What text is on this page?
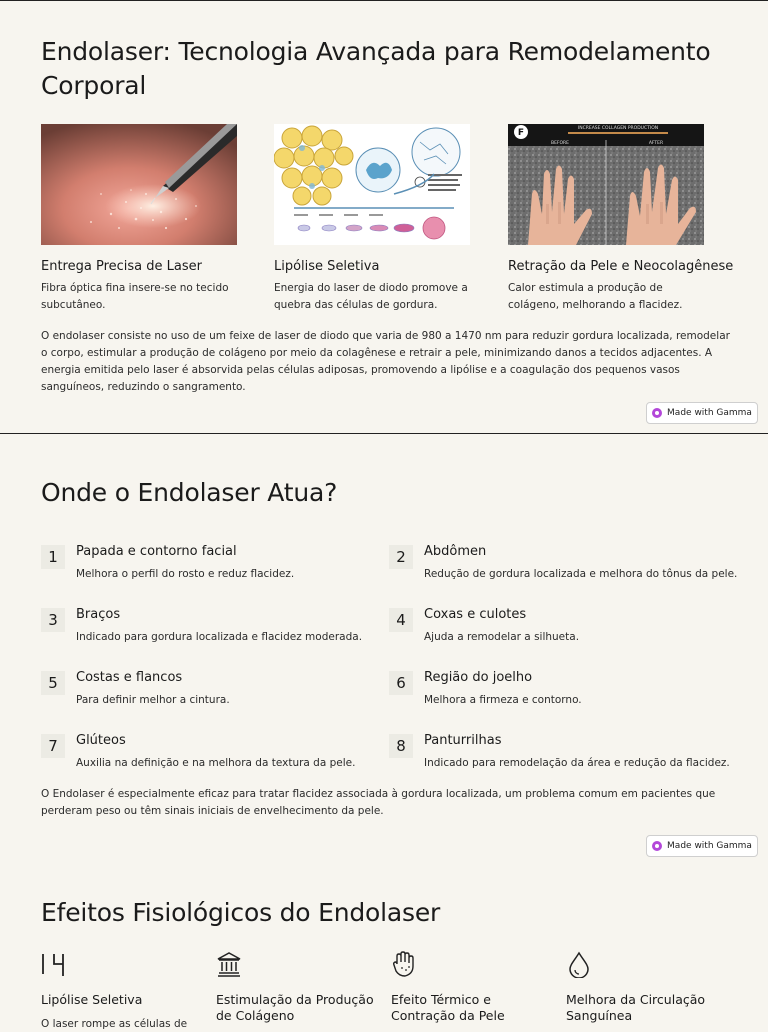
Endolaser: Tecnologia Avançada para Remodelamento Corporal
Entrega Precisa de Laser

Fibra óptica fina insere-se no tecido subcutâneo.

Lipólise Seletiva

Energia do laser de diodo promove a quebra das células de gordura.

F	INCREASE COLLAGEN PRODUCTION
BEFORE	AFTER
Retração da Pele e Neocolagênese

Calor estimula a produção de colágeno, melhorando a flacidez.

O endolaser consiste no uso de um feixe de laser de diodo que varia de 980 a 1470 nm para reduzir gordura localizada, remodelar o corpo, estimular a produção de colágeno por meio da colagênese e retrair a pele, minimizando danos a tecidos adjacentes. A energia emitida pelo laser é absorvida pelas células adiposas, promovendo a lipólise e a coagulação dos pequenos vasos sanguíneos, reduzindo o sangramento.

Made with Gamma
Onde o Endolaser Atua?
1	Papada e contorno facial
Melhora o perfil do rosto e reduz flacidez.
2	Abdômen
Redução de gordura localizada e melhora do tônus da pele.
3	Braços
Indicado para gordura localizada e flacidez moderada.
4	Coxas e culotes
Ajuda a remodelar a silhueta.
5	Costas e flancos
Para definir melhor a cintura.
6	Região do joelho
Melhora a firmeza e contorno.
7	Glúteos
Auxilia na definição e na melhora da textura da pele.
8	Panturrilhas
Indicado para remodelação da área e redução da flacidez.

O Endolaser é especialmente eficaz para tratar flacidez associada à gordura localizada, um problema comum em pacientes que perderam peso ou têm sinais iniciais de envelhecimento da pele.

Made with Gamma
Efeitos Fisiológicos do Endolaser
Lipólise Seletiva

O laser rompe as células de

Estimulação da Produção de Colágeno

Efeito Térmico e Contração da Pele

Melhora da Circulação Sanguínea
